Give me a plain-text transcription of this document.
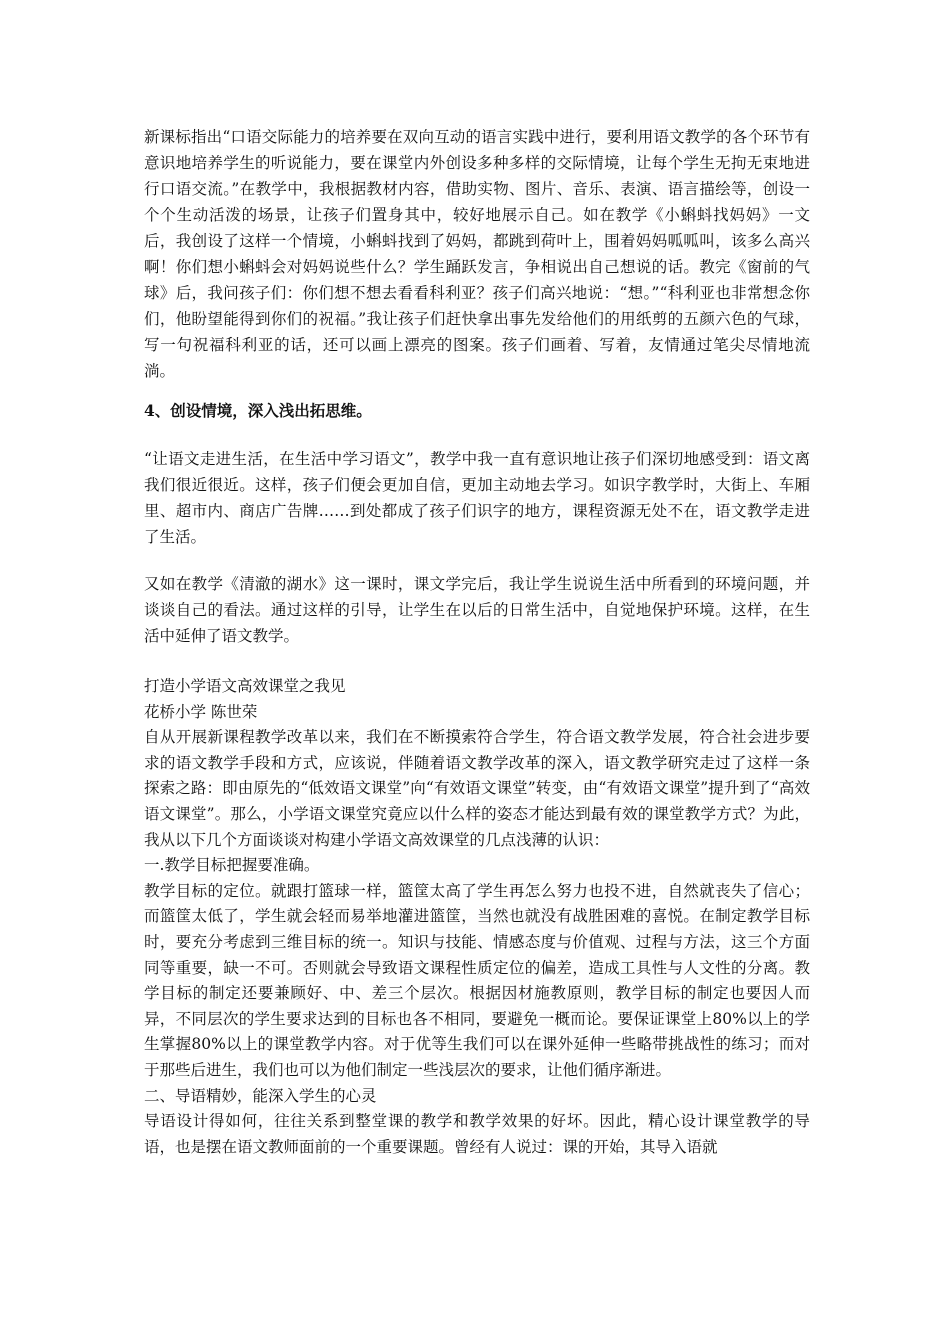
新课标指出“口语交际能力的培养要在双向互动的语言实践中进行，要利用语文教学的各个环节有意识地培养学生的听说能力，要在课堂内外创设多种多样的交际情境，让每个学生无拘无束地进行口语交流。”在教学中，我根据教材内容，借助实物、图片、音乐、表演、语言描绘等，创设一个个生动活泼的场景，让孩子们置身其中，较好地展示自己。如在教学《小蝌蚪找妈妈》一文后，我创设了这样一个情境，小蝌蚪找到了妈妈，都跳到荷叶上，围着妈妈呱呱叫，该多么高兴啊！你们想小蝌蚪会对妈妈说些什么？学生踊跃发言，争相说出自己想说的话。教完《窗前的气球》后，我问孩子们：你们想不想去看看科利亚？孩子们高兴地说：“想。”“科利亚也非常想念你们，他盼望能得到你们的祝福。”我让孩子们赶快拿出事先发给他们的用纸剪的五颜六色的气球，写一句祝福科利亚的话，还可以画上漂亮的图案。孩子们画着、写着，友情通过笔尖尽情地流淌。

4、创设情境，深入浅出拓思维。

“让语文走进生活，在生活中学习语文”，教学中我一直有意识地让孩子们深切地感受到：语文离我们很近很近。这样，孩子们便会更加自信，更加主动地去学习。如识字教学时，大街上、车厢里、超市内、商店广告牌……到处都成了孩子们识字的地方，课程资源无处不在，语文教学走进了生活。

又如在教学《清澈的湖水》这一课时，课文学完后，我让学生说说生活中所看到的环境问题，并谈谈自己的看法。通过这样的引导，让学生在以后的日常生活中，自觉地保护环境。这样，在生活中延伸了语文教学。

打造小学语文高效课堂之我见

花桥小学 陈世荣

自从开展新课程教学改革以来，我们在不断摸索符合学生，符合语文教学发展，符合社会进步要求的语文教学手段和方式，应该说，伴随着语文教学改革的深入，语文教学研究走过了这样一条探索之路：即由原先的“低效语文课堂”向“有效语文课堂”转变，由“有效语文课堂”提升到了“高效语文课堂”。那么，小学语文课堂究竟应以什么样的姿态才能达到最有效的课堂教学方式？为此，我从以下几个方面谈谈对构建小学语文高效课堂的几点浅薄的认识：

一.教学目标把握要准确。

教学目标的定位。就跟打篮球一样，篮筐太高了学生再怎么努力也投不进，自然就丧失了信心；而篮筐太低了，学生就会轻而易举地灌进篮筐，当然也就没有战胜困难的喜悦。在制定教学目标时，要充分考虑到三维目标的统一。知识与技能、情感态度与价值观、过程与方法，这三个方面同等重要，缺一不可。否则就会导致语文课程性质定位的偏差，造成工具性与人文性的分离。教学目标的制定还要兼顾好、中、差三个层次。根据因材施教原则，教学目标的制定也要因人而异，不同层次的学生要求达到的目标也各不相同，要避免一概而论。要保证课堂上80%以上的学生掌握80%以上的课堂教学内容。对于优等生我们可以在课外延伸一些略带挑战性的练习；而对于那些后进生，我们也可以为他们制定一些浅层次的要求，让他们循序渐进。

二、导语精妙，能深入学生的心灵

导语设计得如何，往往关系到整堂课的教学和教学效果的好坏。因此，精心设计课堂教学的导语，也是摆在语文教师面前的一个重要课题。曾经有人说过：课的开始，其导入语就
